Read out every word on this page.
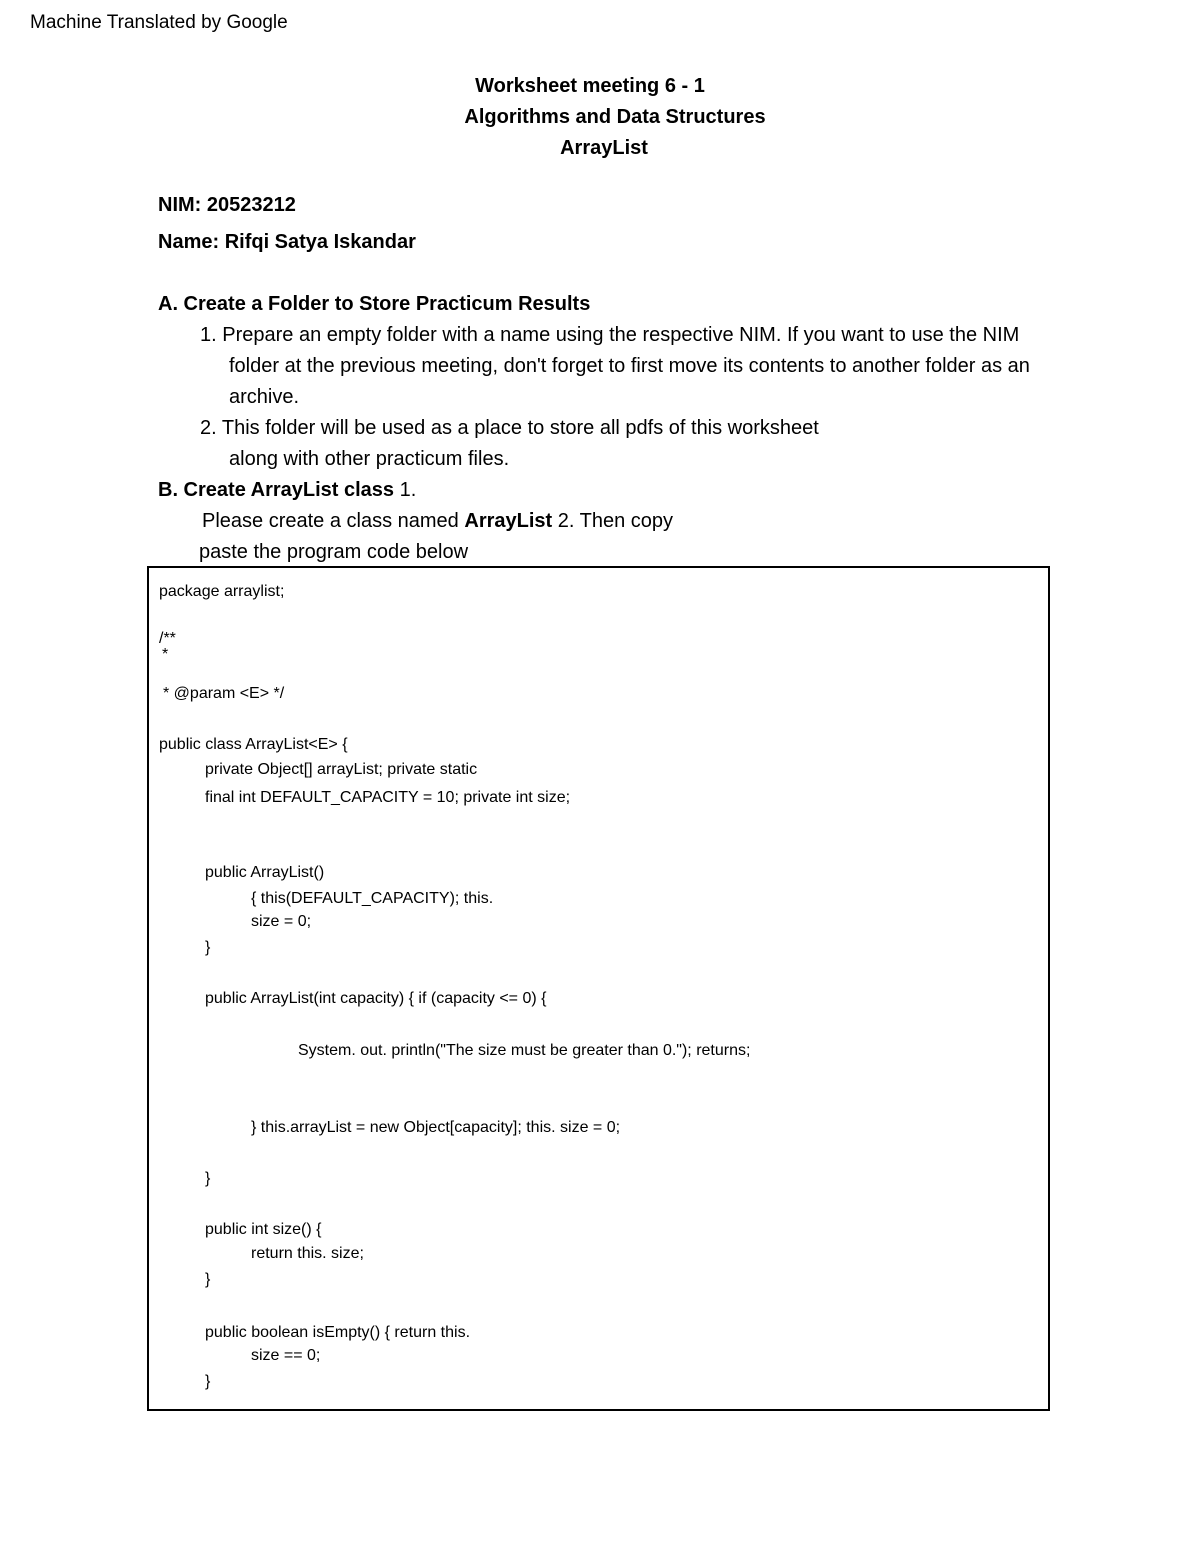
Machine Translated by Google
Worksheet meeting 6 - 1
Algorithms and Data Structures
ArrayList
NIM: 20523212
Name: Rifqi Satya Iskandar
A. Create a Folder to Store Practicum Results
1. Prepare an empty folder with a name using the respective NIM. If you want to use the NIM
folder at the previous meeting, don't forget to first move its contents to another folder as an
archive.
2. This folder will be used as a place to store all pdfs of this worksheet
along with other practicum files.
B. Create ArrayList class 1.
Please create a class named ArrayList 2. Then copy
paste the program code below
package arraylist;
/**
*
* @param <E> */
public class ArrayList<E> {
private Object[] arrayList; private static
final int DEFAULT_CAPACITY = 10; private int size;
public ArrayList()
{ this(DEFAULT_CAPACITY); this.
size = 0;
}
public ArrayList(int capacity) { if (capacity <= 0) {
System. out. println("The size must be greater than 0."); returns;
} this.arrayList = new Object[capacity]; this. size = 0;
}
public int size() {
return this. size;
}
public boolean isEmpty() { return this.
size == 0;
}
